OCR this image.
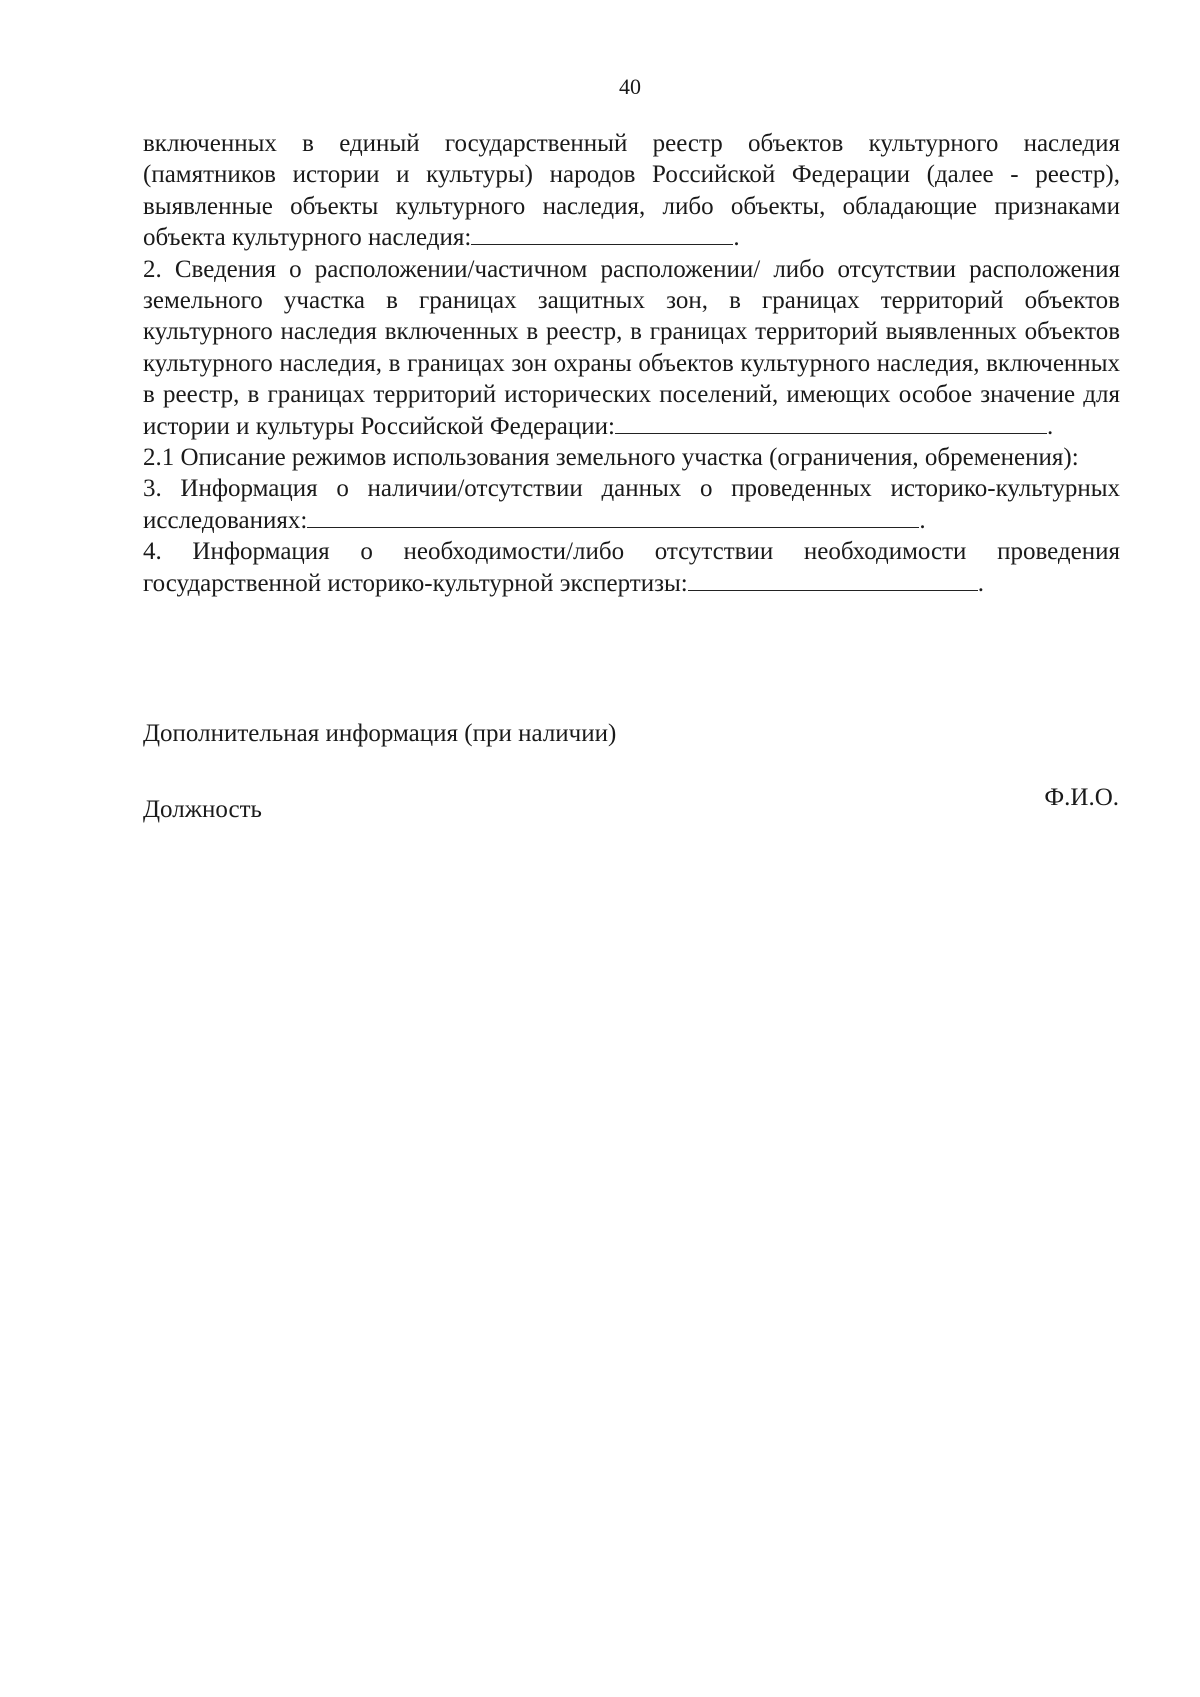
40

включенных в единый государственный реестр объектов культурного наследия (памятников истории и культуры) народов Российской Федерации (далее - реестр), выявленные объекты культурного наследия, либо объекты, обладающие признаками объекта культурного наследия:	.

2. Сведения о расположении/частичном расположении/ либо отсутствии расположения земельного участка в границах защитных зон, в границах территорий объектов культурного наследия включенных в реестр, в границах территорий выявленных объектов культурного наследия, в границах зон охраны объектов культурного наследия, включенных в реестр, в границах территорий исторических поселений, имеющих особое значение для истории и культуры Российской Федерации:	.

2.1 Описание режимов использования земельного участка (ограничения, обременения):

3. Информация о наличии/отсутствии данных о проведенных историко-культурных исследованиях:	.

4. Информация о необходимости/либо отсутствии необходимости проведения государственной историко-культурной экспертизы:	.

Дополнительная информация (при наличии)
Должность	Ф.И.О.
